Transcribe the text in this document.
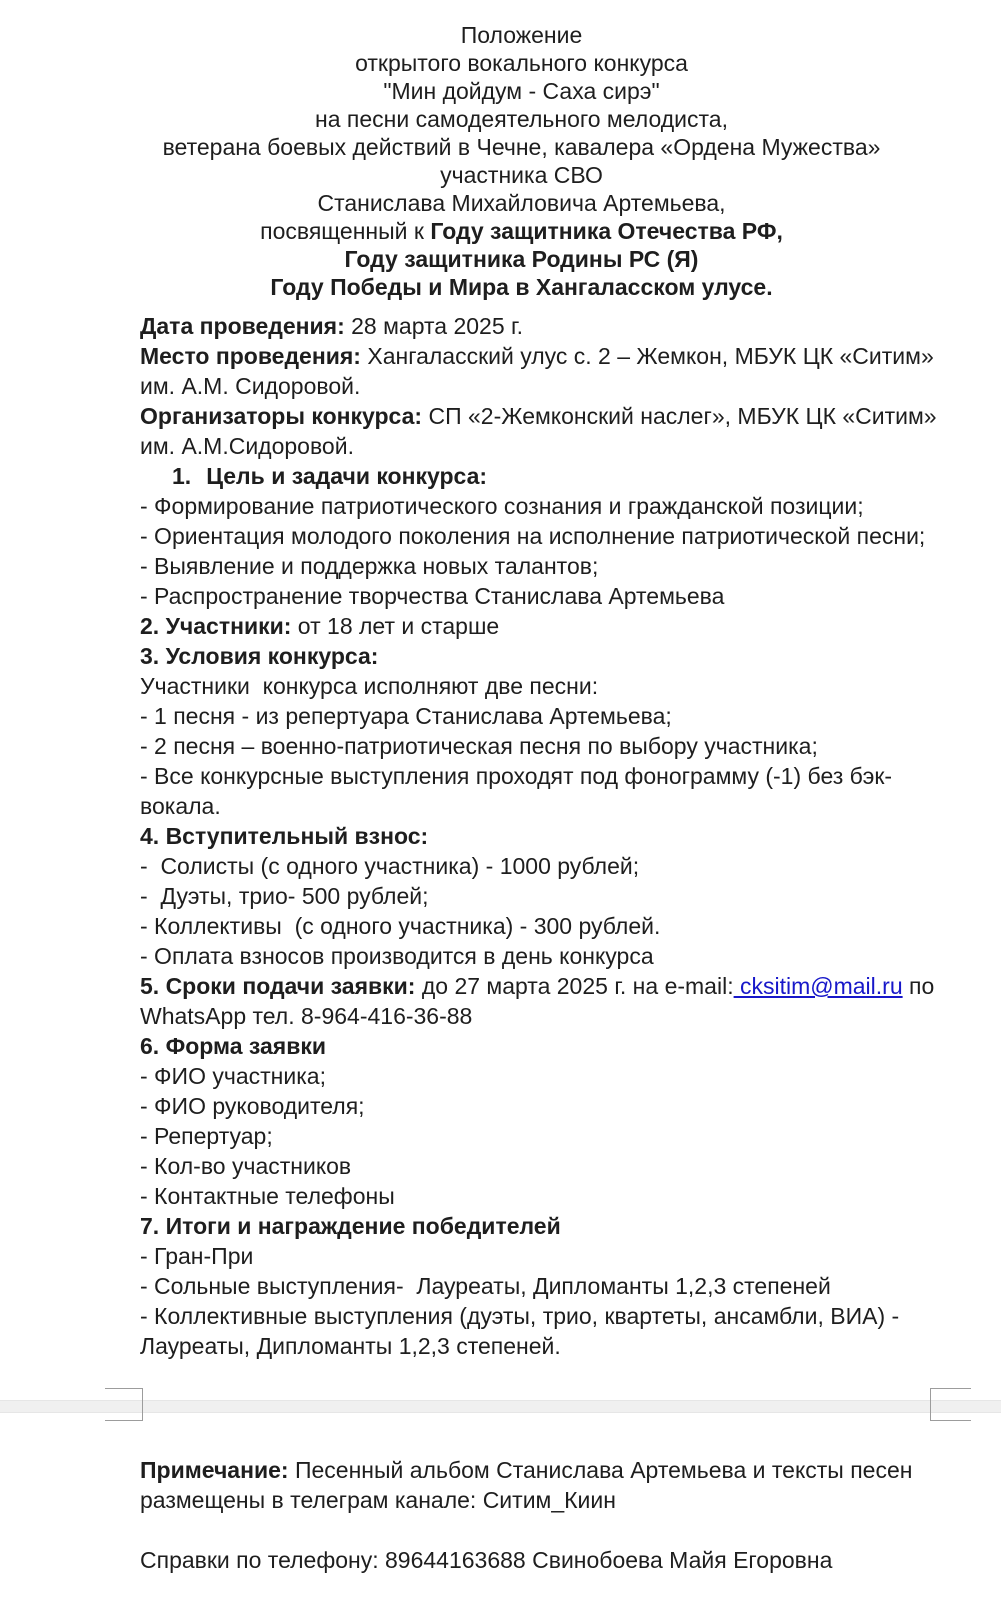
Положение
открытого вокального конкурса
"Мин дойдум - Саха сирэ"
на песни самодеятельного мелодиста,
ветерана боевых действий в Чечне, кавалера «Ордена Мужества»
участника СВО
Станислава Михайловича Артемьева,
посвященный к Году защитника Отечества РФ,
Году защитника Родины РС (Я)
Году Победы и Мира в Хангаласском улусе.
Дата проведения: 28 марта 2025 г.
Место проведения: Хангаласский улус с. 2 – Жемкон, МБУК ЦК «Ситим»
им. А.М. Сидоровой.
Организаторы конкурса: СП «2-Жемконский наслег», МБУК ЦК «Ситим»
им. А.М.Сидоровой.
1. Цель и задачи конкурса:
- Формирование патриотического сознания и гражданской позиции;
- Ориентация молодого поколения на исполнение патриотической песни;
- Выявление и поддержка новых талантов;
- Распространение творчества Станислава Артемьева
2. Участники: от 18 лет и старше
3. Условия конкурса:
Участники  конкурса исполняют две песни:
- 1 песня - из репертуара Станислава Артемьева;
- 2 песня – военно-патриотическая песня по выбору участника;
- Все конкурсные выступления проходят под фонограмму (-1) без бэк-
вокала.
4. Вступительный взнос:
-  Солисты (с одного участника) - 1000 рублей;
-  Дуэты, трио- 500 рублей;
- Коллективы  (с одного участника) - 300 рублей.
- Оплата взносов производится в день конкурса
5. Сроки подачи заявки: до 27 марта 2025 г. на e-mail: cksitim@mail.ru по
WhatsApp тел. 8-964-416-36-88
6. Форма заявки
- ФИО участника;
- ФИО руководителя;
- Репертуар;
- Кол-во участников
- Контактные телефоны
7. Итоги и награждение победителей
- Гран-При
- Сольные выступления-  Лауреаты, Дипломанты 1,2,3 степеней
- Коллективные выступления (дуэты, трио, квартеты, ансамбли, ВИА) -
Лауреаты, Дипломанты 1,2,3 степеней.
Примечание: Песенный альбом Станислава Артемьева и тексты песен
размещены в телеграм канале: Ситим_Киин
Справки по телефону: 89644163688 Свинобоева Майя Егоровна
